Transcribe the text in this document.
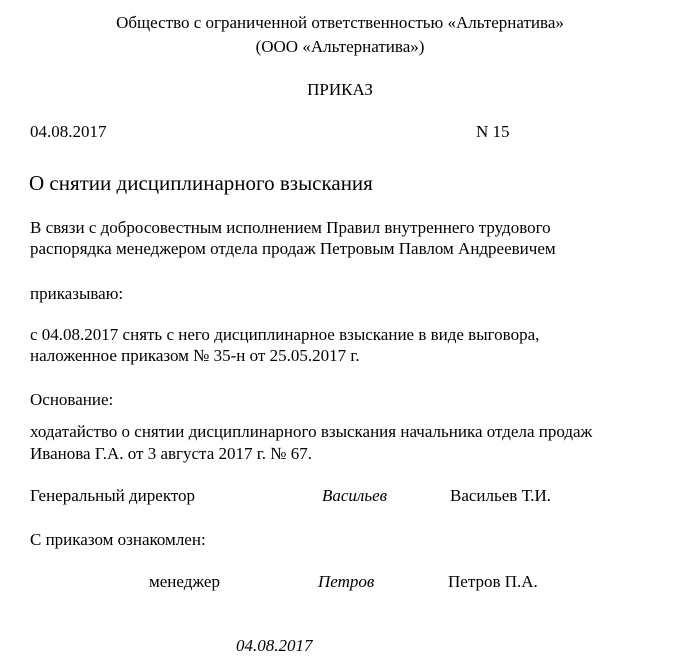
Общество с ограниченной ответственностью «Альтернатива»
(ООО «Альтернатива»)
ПРИКАЗ
04.08.2017	N 15
О снятии дисциплинарного взыскания
В связи с добросовестным исполнением Правил внутреннего трудового
распорядка менеджером отдела продаж Петровым Павлом Андреевичем
приказываю:
с 04.08.2017 снять с него дисциплинарное взыскание в виде выговора,
наложенное приказом № 35-н от 25.05.2017 г.
Основание:
ходатайство о снятии дисциплинарного взыскания начальника отдела продаж
Иванова Г.А. от 3 августа 2017 г. № 67.
Генеральный директор	Васильев	Васильев Т.И.
С приказом ознакомлен:
менеджер	Петров	Петров П.А.
04.08.2017
